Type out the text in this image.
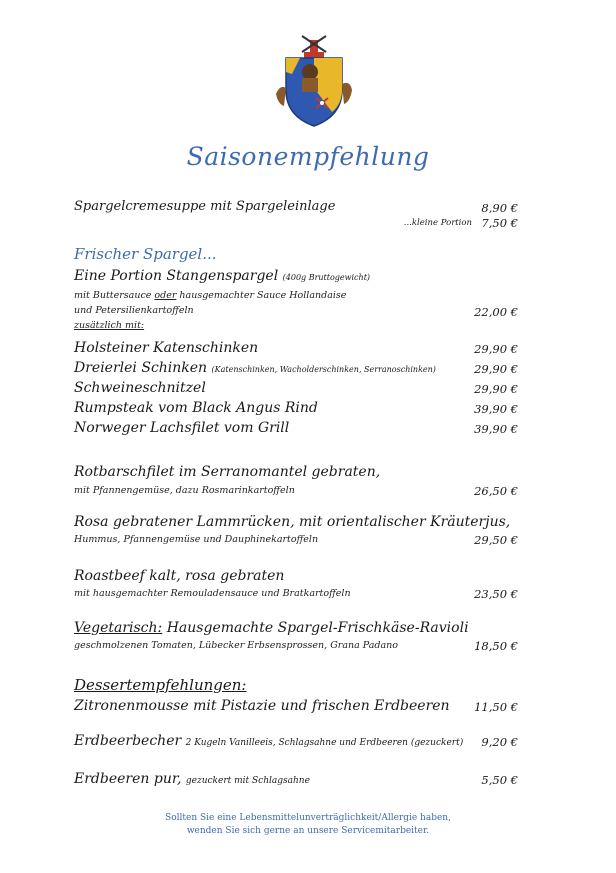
Saisonempfehlung
Spargelcremesuppe mit Spargeleinlage	8,90 €
...kleine Portion 7,50 €
Frischer Spargel...
Eine Portion Stangenspargel (400g Bruttogewicht)
mit Buttersauce oder hausgemachter Sauce Hollandaise
und Petersilienkartoffeln	22,00 €
zusätzlich mit:
Holsteiner Katenschinken	29,90 €
Dreierlei Schinken (Katenschinken, Wacholderschinken, Serranoschinken)	29,90 €
Schweineschnitzel	29,90 €
Rumpsteak vom Black Angus Rind	39,90 €
Norweger Lachsfilet vom Grill	39,90 €
Rotbarschfilet im Serranomantel gebraten,
mit Pfannengemüse, dazu Rosmarinkartoffeln	26,50 €
Rosa gebratener Lammrücken, mit orientalischer Kräuterjus,
Hummus, Pfannengemüse und Dauphinekartoffeln	29,50 €
Roastbeef kalt, rosa gebraten
mit hausgemachter Remouladensauce und Bratkartoffeln	23,50 €
Vegetarisch: Hausgemachte Spargel-Frischkäse-Ravioli
geschmolzenen Tomaten, Lübecker Erbsensprossen, Grana Padano	18,50 €
Dessertempfehlungen:
Zitronenmousse mit Pistazie und frischen Erdbeeren 11,50 €
Erdbeerbecher 2 Kugeln Vanilleeis, Schlagsahne und Erdbeeren (gezuckert) 9,20 €
Erdbeeren pur, gezuckert mit Schlagsahne	5,50 €
Sollten Sie eine Lebensmittelunverträglichkeit/Allergie haben,
wenden Sie sich gerne an unsere Servicemitarbeiter.
